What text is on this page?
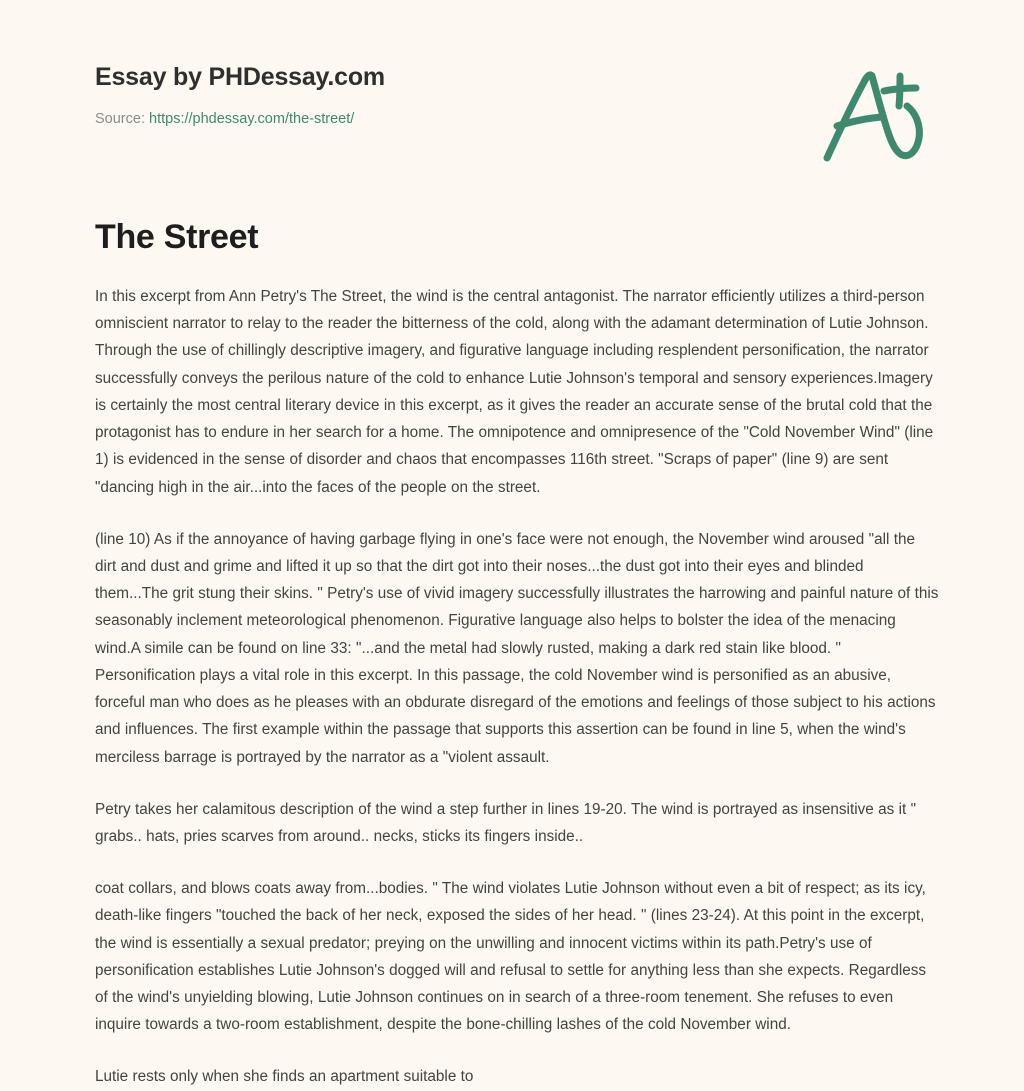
Essay by PHDessay.com
Source: https://phdessay.com/the-street/
The Street

In this excerpt from Ann Petry's The Street, the wind is the central antagonist. The narrator efficiently utilizes a third-person omniscient narrator to relay to the reader the bitterness of the cold, along with the adamant determination of Lutie Johnson. Through the use of chillingly descriptive imagery, and figurative language including resplendent personification, the narrator successfully conveys the perilous nature of the cold to enhance Lutie Johnson's temporal and sensory experiences.Imagery is certainly the most central literary device in this excerpt, as it gives the reader an accurate sense of the brutal cold that the protagonist has to endure in her search for a home. The omnipotence and omnipresence of the "Cold November Wind" (line 1) is evidenced in the sense of disorder and chaos that encompasses 116th street. "Scraps of paper" (line 9) are sent "dancing high in the air...into the faces of the people on the street.

(line 10) As if the annoyance of having garbage flying in one's face were not enough, the November wind aroused "all the dirt and dust and grime and lifted it up so that the dirt got into their noses...the dust got into their eyes and blinded them...The grit stung their skins. " Petry's use of vivid imagery successfully illustrates the harrowing and painful nature of this seasonably inclement meteorological phenomenon. Figurative language also helps to bolster the idea of the menacing wind.A simile can be found on line 33: "...and the metal had slowly rusted, making a dark red stain like blood. " Personification plays a vital role in this excerpt. In this passage, the cold November wind is personified as an abusive, forceful man who does as he pleases with an obdurate disregard of the emotions and feelings of those subject to his actions and influences. The first example within the passage that supports this assertion can be found in line 5, when the wind's merciless barrage is portrayed by the narrator as a "violent assault.

Petry takes her calamitous description of the wind a step further in lines 19-20. The wind is portrayed as insensitive as it " grabs.. hats, pries scarves from around.. necks, sticks its fingers inside..

coat collars, and blows coats away from...bodies. " The wind violates Lutie Johnson without even a bit of respect; as its icy, death-like fingers "touched the back of her neck, exposed the sides of her head. " (lines 23-24). At this point in the excerpt, the wind is essentially a sexual predator; preying on the unwilling and innocent victims within its path.Petry's use of personification establishes Lutie Johnson's dogged will and refusal to settle for anything less than she expects. Regardless of the wind's unyielding blowing, Lutie Johnson continues on in search of a three-room tenement. She refuses to even inquire towards a two-room establishment, despite the bone-chilling lashes of the cold November wind.

Lutie rests only when she finds an apartment suitable to
